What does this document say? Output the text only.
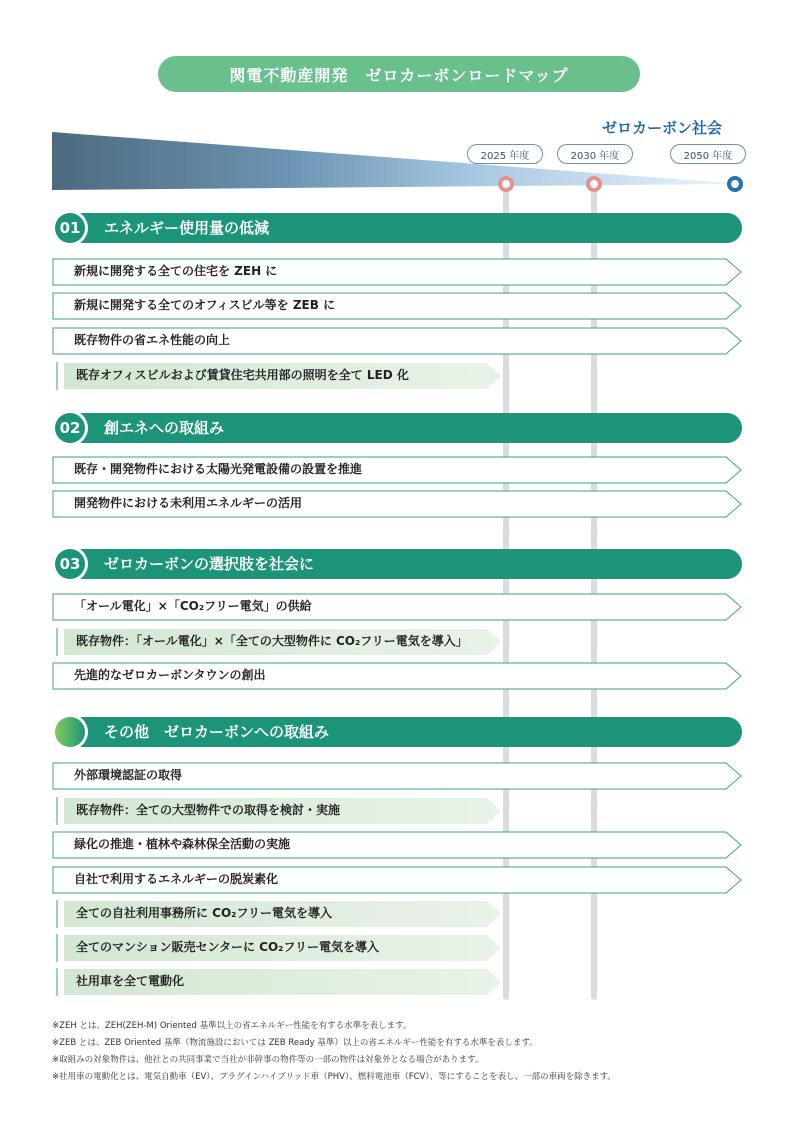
関電不動産開発　ゼロカーボンロードマップ
ゼロカーボン社会
2025 年度	2030 年度	2050 年度
01	エネルギー使用量の低減
新規に開発する全ての住宅を ZEH に
新規に開発する全てのオフィスビル等を ZEB に
既存物件の省エネ性能の向上
既存オフィスビルおよび賃貸住宅共用部の照明を全て LED 化
02	創エネへの取組み
既存・開発物件における太陽光発電設備の設置を推進
開発物件における未利用エネルギーの活用
03	ゼロカーボンの選択肢を社会に
「オール電化」×「CO₂フリー電気」の供給
既存物件：「オール電化」×「全ての大型物件に CO₂フリー電気を導入」
先進的なゼロカーボンタウンの創出
その他　ゼロカーボンへの取組み
外部環境認証の取得
既存物件：全ての大型物件での取得を検討・実施
緑化の推進・植林や森林保全活動の実施
自社で利用するエネルギーの脱炭素化
全ての自社利用事務所に CO₂フリー電気を導入
全てのマンション販売センターに CO₂フリー電気を導入
社用車を全て電動化
※ZEH とは、ZEH(ZEH-M) Oriented 基準以上の省エネルギー性能を有する水準を表します。
※ZEB とは、ZEB Oriented 基準（物流施設においては ZEB Ready 基準）以上の省エネルギー性能を有する水準を表します。
※取組みの対象物件は、他社との共同事業で当社が非幹事の物件等の一部の物件は対象外となる場合があります。
※社用車の電動化とは、電気自動車（EV）、プラグインハイブリッド車（PHV）、燃料電池車（FCV）、等にすることを表し、一部の車両を除きます。
